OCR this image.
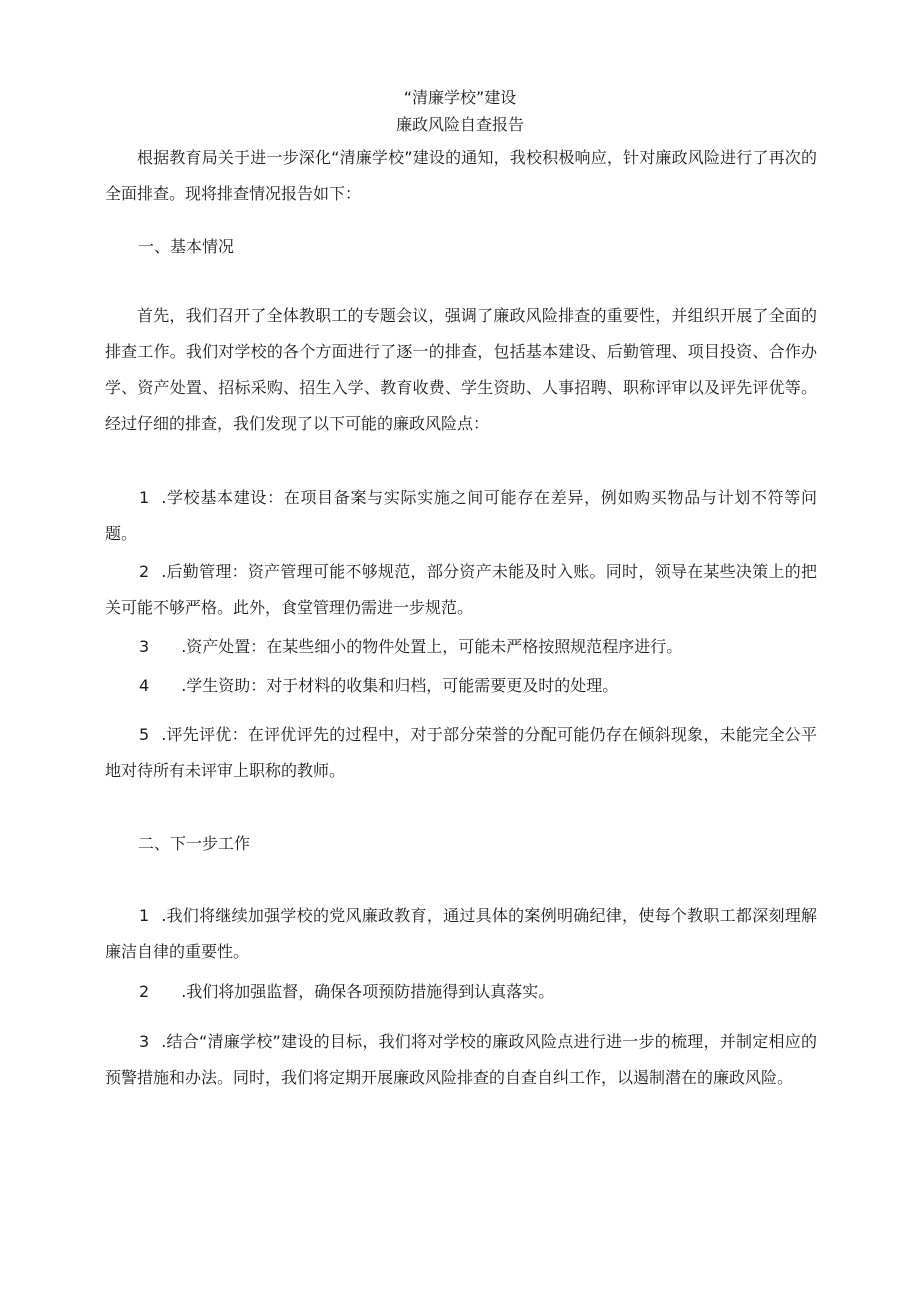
“清廉学校”建设
廉政风险自查报告
根据教育局关于进一步深化“清廉学校”建设的通知，我校积极响应，针对廉政风险进行了再次的全面排查。现将排查情况报告如下：
一、基本情况
首先，我们召开了全体教职工的专题会议，强调了廉政风险排查的重要性，并组织开展了全面的排查工作。我们对学校的各个方面进行了逐一的排查，包括基本建设、后勤管理、项目投资、合作办学、资产处置、招标采购、招生入学、教育收费、学生资助、人事招聘、职称评审以及评先评优等。经过仔细的排查，我们发现了以下可能的廉政风险点：
1 .学校基本建设：在项目备案与实际实施之间可能存在差异，例如购买物品与计划不符等问题。
2 .后勤管理：资产管理可能不够规范，部分资产未能及时入账。同时，领导在某些决策上的把关可能不够严格。此外，食堂管理仍需进一步规范。
3 .资产处置：在某些细小的物件处置上，可能未严格按照规范程序进行。
4 .学生资助：对于材料的收集和归档，可能需要更及时的处理。
5 .评先评优：在评优评先的过程中，对于部分荣誉的分配可能仍存在倾斜现象，未能完全公平地对待所有未评审上职称的教师。
二、下一步工作
1 .我们将继续加强学校的党风廉政教育，通过具体的案例明确纪律，使每个教职工都深刻理解廉洁自律的重要性。
2 .我们将加强监督，确保各项预防措施得到认真落实。
3 .结合“清廉学校”建设的目标，我们将对学校的廉政风险点进行进一步的梳理，并制定相应的预警措施和办法。同时，我们将定期开展廉政风险排查的自查自纠工作，以遏制潜在的廉政风险。
